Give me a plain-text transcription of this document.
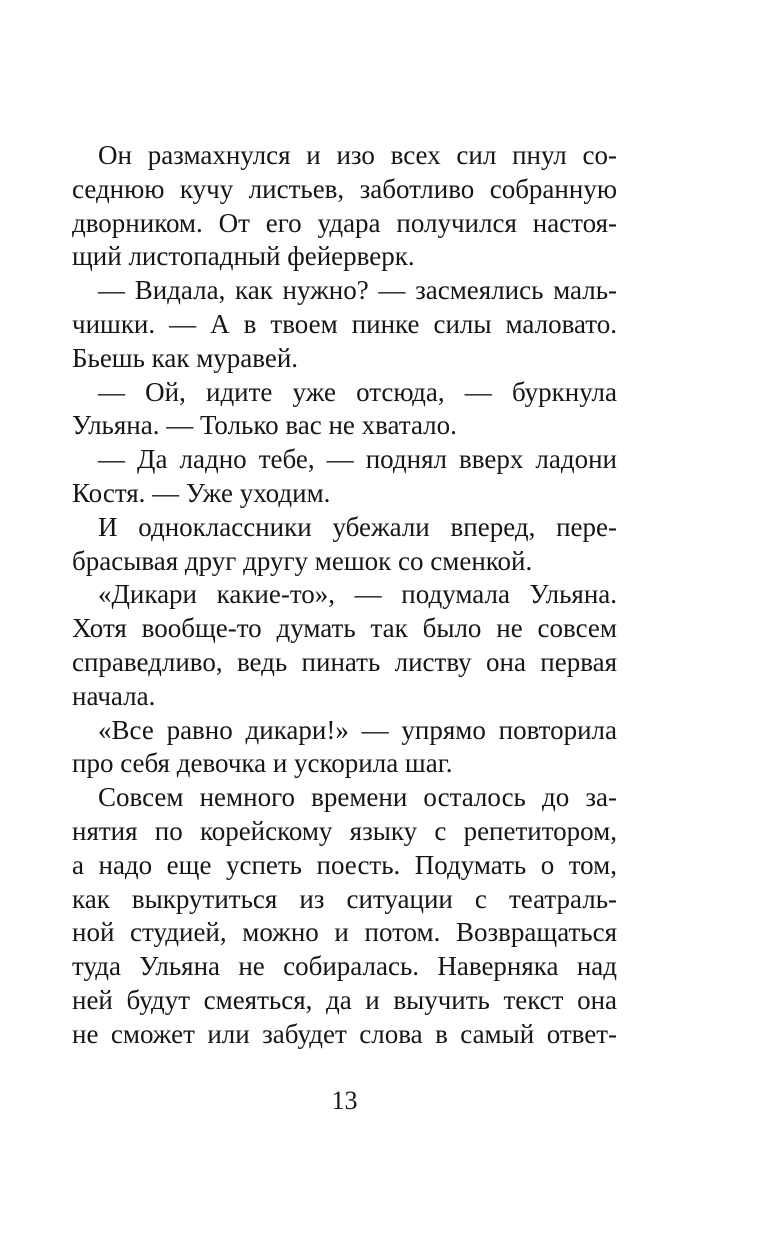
Он размахнулся и изо всех сил пнул со-
седнюю кучу листьев, заботливо собранную
дворником. От его удара получился настоя-
щий листопадный фейерверк.
— Видала, как нужно? — засмеялись маль-
чишки. — А в твоем пинке силы маловато.
Бьешь как муравей.
— Ой, идите уже отсюда, — буркнула
Ульяна. — Только вас не хватало.
— Да ладно тебе, — поднял вверх ладони
Костя. — Уже уходим.
И одноклассники убежали вперед, пере-
брасывая друг другу мешок со сменкой.
«Дикари какие-то», — подумала Ульяна.
Хотя вообще-то думать так было не совсем
справедливо, ведь пинать листву она первая
начала.
«Все равно дикари!» — упрямо повторила
про себя девочка и ускорила шаг.
Совсем немного времени осталось до за-
нятия по корейскому языку с репетитором,
а надо еще успеть поесть. Подумать о том,
как выкрутиться из ситуации с театраль-
ной студией, можно и потом. Возвращаться
туда Ульяна не собиралась. Наверняка над
ней будут смеяться, да и выучить текст она
не сможет или забудет слова в самый ответ-
13
